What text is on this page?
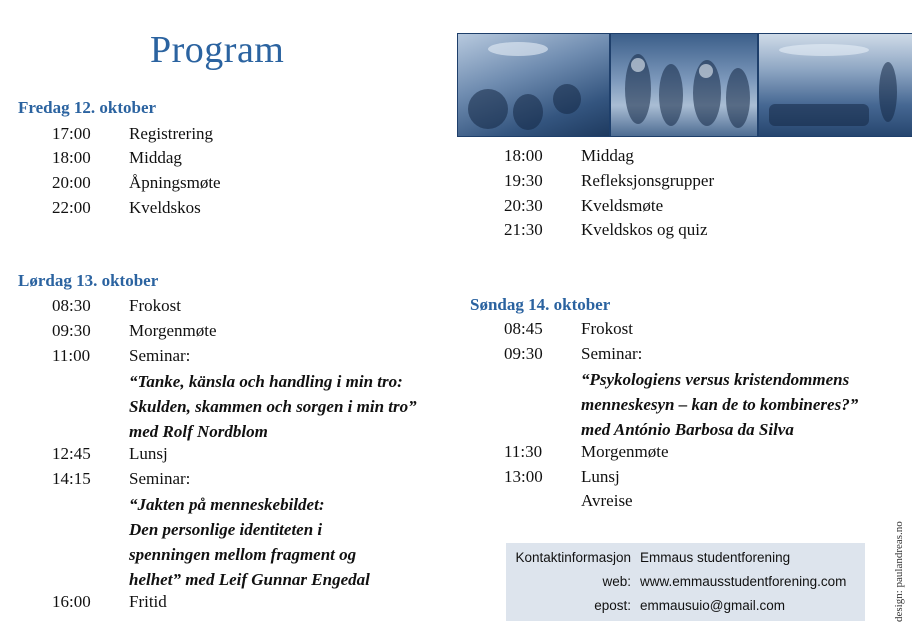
Program
Fredag 12. oktober
17:00 Registrering
18:00 Middag
20:00 Åpningsmøte
22:00 Kveldskos
Lørdag 13. oktober
08:30 Frokost
09:30 Morgenmøte
11:00 Seminar:
“Tanke, känsla och handling i min tro:
Skulden, skammen och sorgen i min tro”
med Rolf Nordblom
12:45 Lunsj
14:15 Seminar:
“Jakten på menneskebildet:
Den personlige identiteten i
spenningen mellom fragment og
helhet” med Leif Gunnar Engedal
16:00 Fritid
18:00 Middag
19:30 Refleksjonsgrupper
20:30 Kveldsmøte
21:30 Kveldskos og quiz
Søndag 14. oktober
08:45 Frokost
09:30 Seminar:
“Psykologiens versus kristendommens
menneskesyn – kan de to kombineres?”
med António Barbosa da Silva
11:30 Morgenmøte
13:00 Lunsj
Avreise
Kontaktinformasjon Emmaus studentforening
web: www.emmausstudentforening.com
epost: emmausuio@gmail.com	design: paulandreas.no
